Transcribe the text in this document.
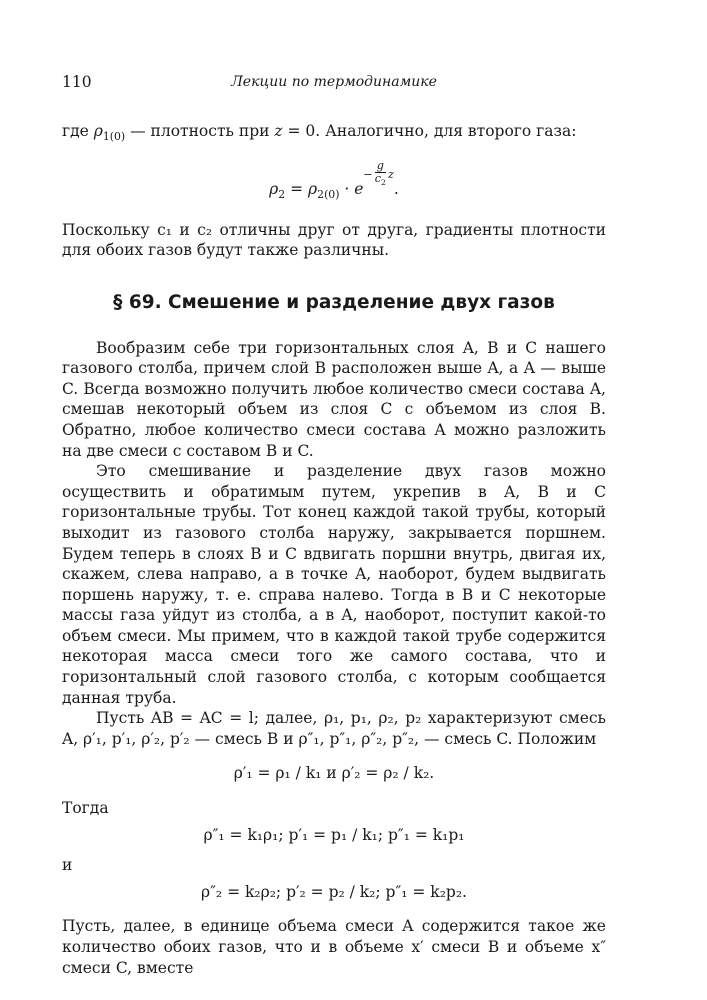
110	Лекции по термодинамике

где $\rho_{1(0)}$ — плотность при z = 0. Аналогично, для второго газа:

$\rho_2 = \rho_{2(0)} \cdot e- \frac{g}{c_2} z$.

Поскольку c₁ и c₂ отличны друг от друга, градиенты плотности для обоих газов будут также различны.

§ 69. Смешение и разделение двух газов

Вообразим себе три горизонтальных слоя A, B и C нашего газового столба, причем слой B расположен выше A, а A — выше C. Всегда возможно получить любое количество смеси состава A, смешав некоторый объем из слоя C с объемом из слоя B. Обратно, любое количество смеси состава A можно разложить на две смеси с составом B и C.

Это смешивание и разделение двух газов можно осуществить и обратимым путем, укрепив в A, B и C горизонтальные трубы. Тот конец каждой такой трубы, который выходит из газового столба наружу, закрывается поршнем. Будем теперь в слоях B и C вдвигать поршни внутрь, двигая их, скажем, слева направо, а в точке A, наоборот, будем выдвигать поршень наружу, т. е. справа налево. Тогда в B и C некоторые массы газа уйдут из столба, а в A, наоборот, поступит какой-то объем смеси. Мы примем, что в каждой такой трубе содержится некоторая масса смеси того же самого состава, что и горизонтальный слой газового столба, с которым сообщается данная труба.

Пусть AB = AC = l; далее, ρ₁, p₁, ρ₂, p₂ характеризуют смесь A, ρ′₁, p′₁, ρ′₂, p′₂ — смесь B и ρ″₁, p″₁, ρ″₂, p″₂, — смесь C. Положим

ρ′₁ = ρ₁ / k₁ и ρ′₂ = ρ₂ / k₂.

Тогда

ρ″₁ = k₁ρ₁; p′₁ = p₁ / k₁; p″₁ = k₁p₁

и

ρ″₂ = k₂ρ₂; p′₂ = p₂ / k₂; p″₁ = k₂p₂.

Пусть, далее, в единице объема смеси A содержится такое же количество обоих газов, что и в объеме x′ смеси B и объеме x″ смеси C, вместе
